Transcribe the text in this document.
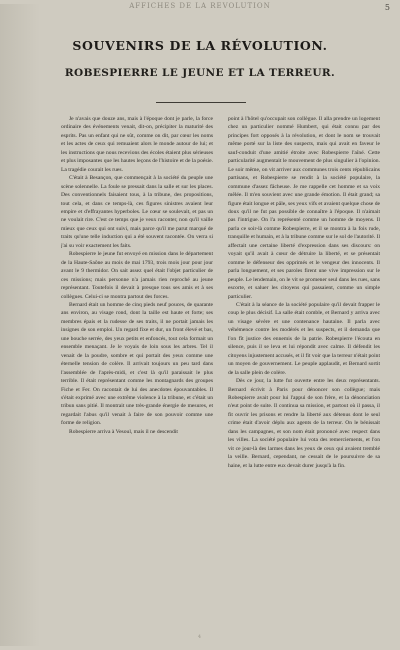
AFFICHES DE LA REVOLUTION	5
SOUVENIRS DE LA RÉVOLUTION.
ROBESPIERRE LE JEUNE ET LA TERREUR.

Je n'avais que douze ans, mais à l'époque dont je parle, la force ordinaire des événements venait, dit-on, précipiter la maturité des esprits. Pas un enfant qui ne sût, comme on dit, par cœur les noms et les actes de ceux qui remuaient alors le monde autour de lui; et les instructions que nous recevions des écoles étaient plus sérieuses et plus imposantes que les hautes leçons de l'histoire et de la poésie. La tragédie courait les rues.

C'était à Besançon, que commençait à la société du peuple une scène solennelle. La foule se pressait dans la salle et sur les places. Des conventionnels faisaient tous, à la tribune, des propositions, tout cela, et dans ce temps-là, ces figures sinistres avaient leur empire et d'effrayantes hyperboles. Le cœur se soulevait, et pas un ne voulait rire. C'est ce temps que je veux raconter, non qu'il vaille mieux que ceux qui ont suivi, mais parce qu'il me parut marqué de traits qu'une telle induction qui a été souvent racontée. On verra si j'ai su voir exactement les faits.

Robespierre le jeune fut envoyé en mission dans le département de la Haute-Saône au mois de mai 1793, trois mois jour pour jour avant le 9 thermidor. On sait assez quel était l'objet particulier de ces missions; mais personne n'a jamais rien reproché au jeune représentant. Toutefois il devait à presque tous ses amis et à ses collègues. Celui-ci se montra partout des forces.

Bernard était un homme de cinq pieds neuf pouces, de quarante ans environ, au visage rond, dont la taille est haute et forte; ses membres épais et la rudesse de ses traits, il ne portait jamais les insignes de son emploi. Un regard fixe et dur, un front élevé et bas, une bouche serrée, des yeux petits et enfoncés, tout cela formait un ensemble menaçant. Je le voyais de loin sous les arbres. Tel il venait de la poudre, sombre et qui portait des yeux comme une éternelle tension de colère. Il arrivait toujours un peu tard dans l'assemblée de l'après-midi, et c'est là qu'il paraissait le plus terrible. Il était représentant comme les montagnards des groupes Fiche et Fer. On racontait de lui des anecdotes épouvantables. Il s'était exprimé avec une extrême violence à la tribune, et c'était un tribun sans pitié. Il montrait une très-grande énergie de mesures, et regardait l'abus qu'il venait à faire de son pouvoir comme une forme de religion.

Robespierre arriva à Vesoul, mais il ne descendit

point à l'hôtel qu'occupait son collègue. Il alla prendre un logement chez un particulier nommé Humbert, qui était connu par des principes fort opposés à la révolution, et dont le nom se trouvait même porté sur la liste des suspects, mais qui avait en faveur le sauf-conduit d'une amitié étroite avec Robespierre l'aîné. Cette particularité augmentait le mouvement de plus singulier à l'opinion. Le soir même, on vit arriver aux communes trois cents républicains partisans, et Robespierre se rendit à la société populaire, la commune d'assez fâcheuse. Je me rappelle cet homme et sa voix mêlée. Il m'en souvient avec une grande émotion. Il était grand; sa figure était longue et pâle, ses yeux vifs et avaient quelque chose de doux qu'il ne fut pas possible de connaître à l'époque. Il n'aimait pas l'intrigue. On l'a représenté comme un homme de moyens. Il parla ce soir-là comme Robespierre, et il se montra à la fois rude, tranquille et humain, et à la tribune comme sur le sol de l'autorité. Il affectait une certaine liberté d'expression dans ses discours: on voyait qu'il avait à cœur de détruire la liberté, et se présentait comme le défenseur des opprimés et le vengeur des innocents. Il parla longuement, et ses paroles firent une vive impression sur le peuple. Le lendemain, on le vit se promener seul dans les rues, sans escorte, et saluer les citoyens qui passaient, comme un simple particulier.

C'était à la séance de la société populaire qu'il devait frapper le coup le plus décisif. La salle était comble, et Bernard y arriva avec un visage sévère et une contenance hautaine. Il parla avec véhémence contre les modérés et les suspects, et il demanda que l'on fît justice des ennemis de la patrie. Robespierre l'écouta en silence, puis il se leva et lui répondit avec calme. Il défendit les citoyens injustement accusés, et il fit voir que la terreur n'était point un moyen de gouvernement. Le peuple applaudit, et Bernard sortit de la salle plein de colère.

Dès ce jour, la lutte fut ouverte entre les deux représentants. Bernard écrivit à Paris pour dénoncer son collègue; mais Robespierre avait pour lui l'appui de son frère, et la dénonciation n'eut point de suite. Il continua sa mission, et partout où il passa, il fit ouvrir les prisons et rendre la liberté aux détenus dont le seul crime était d'avoir déplu aux agents de la terreur. On le bénissait dans les campagnes, et son nom était prononcé avec respect dans les villes. La société populaire lui vota des remerciements, et l'on vit ce jour-là des larmes dans les yeux de ceux qui avaient tremblé la veille. Bernard, cependant, ne cessait de le poursuivre de sa haine, et la lutte entre eux devait durer jusqu'à la fin.

4
